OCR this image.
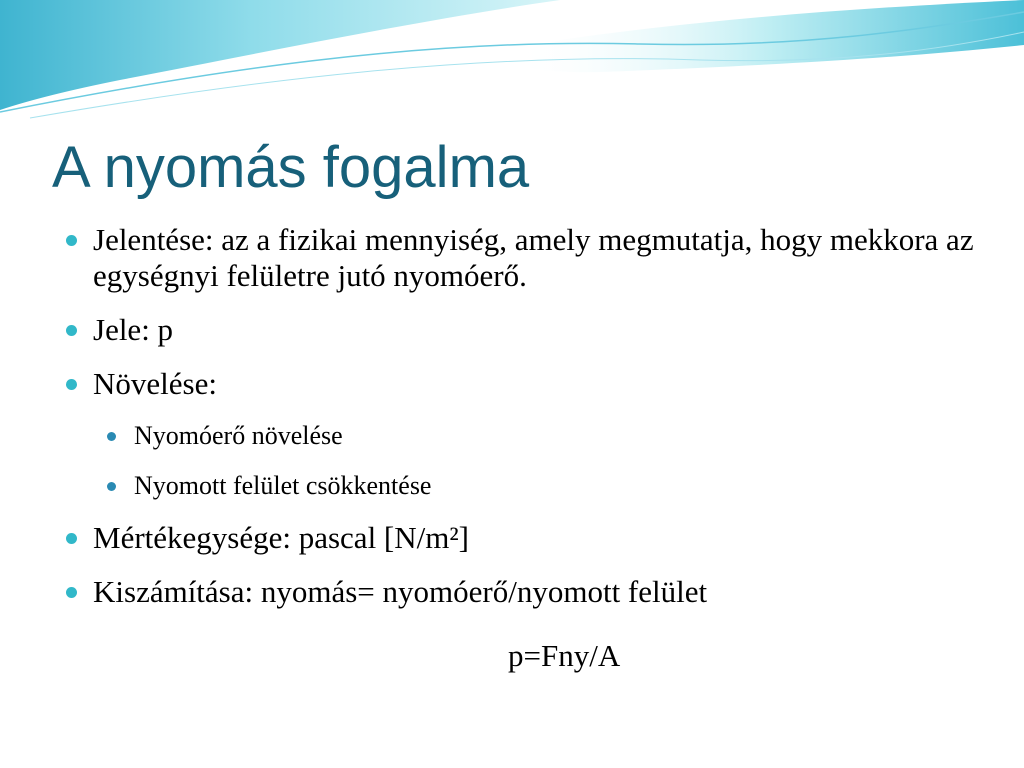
A nyomás fogalma
Jelentése: az a fizikai mennyiség, amely megmutatja, hogy mekkora az egységnyi felületre jutó nyomóerő.
Jele: p
Növelése:
Nyomóerő növelése
Nyomott felület csökkentése
Mértékegysége: pascal [N/m²]
Kiszámítása: nyomás= nyomóerő/nyomott felület
p=Fny/A
